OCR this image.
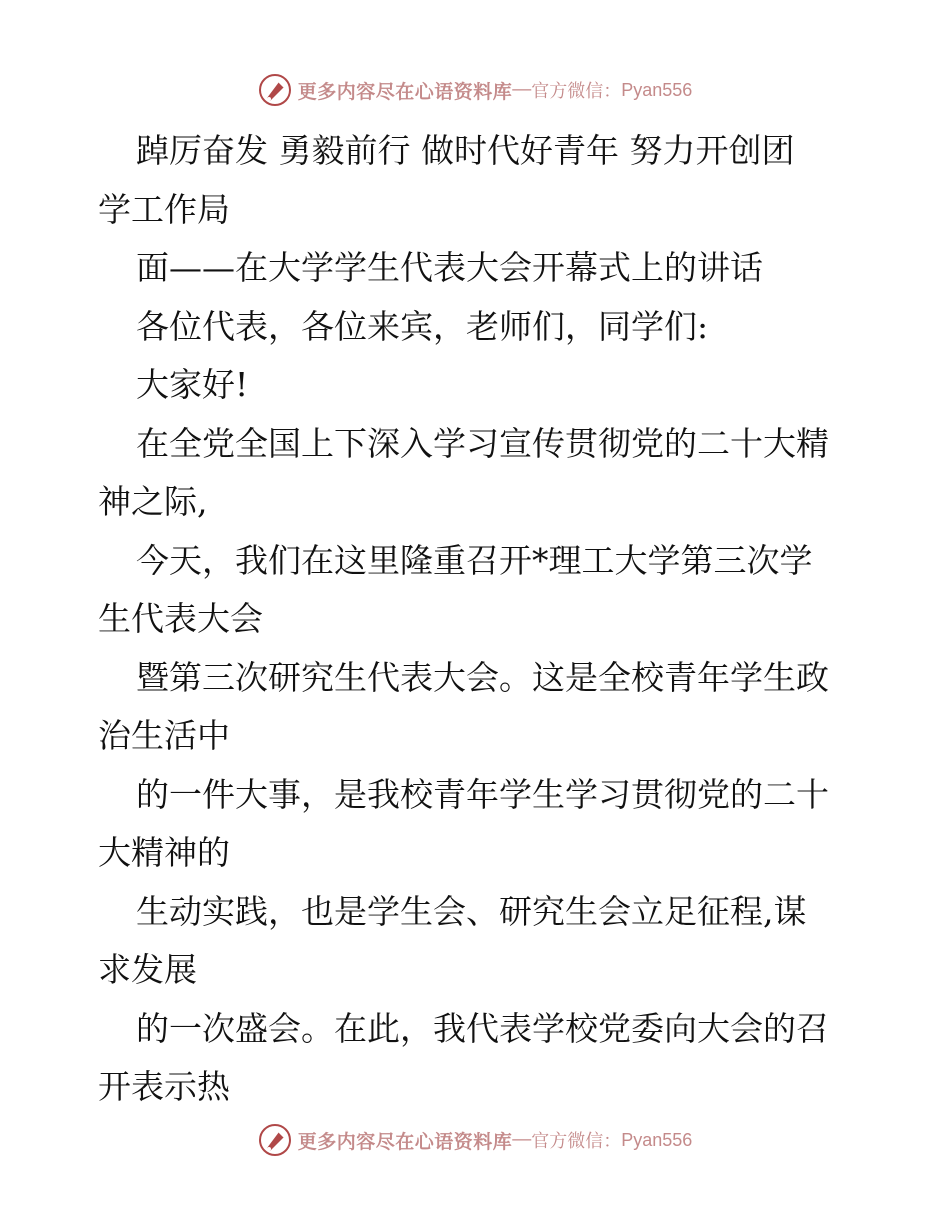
更多内容尽在心语资料库 — 官方微信： Pyan556
踔厉奋发 勇毅前行 做时代好青年 努力开创团
学工作局
面——在大学学生代表大会开幕式上的讲话
各位代表，各位来宾，老师们，同学们:
大家好!
在全党全国上下深入学习宣传贯彻党的二十大精
神之际,
今天，我们在这里隆重召开*理工大学第三次学
生代表大会
暨第三次研究生代表大会。这是全校青年学生政
治生活中
的一件大事，是我校青年学生学习贯彻党的二十
大精神的
生动实践，也是学生会、研究生会立足征程,谋
求发展
的一次盛会。在此，我代表学校党委向大会的召
开表示热
更多内容尽在心语资料库 — 官方微信： Pyan556
